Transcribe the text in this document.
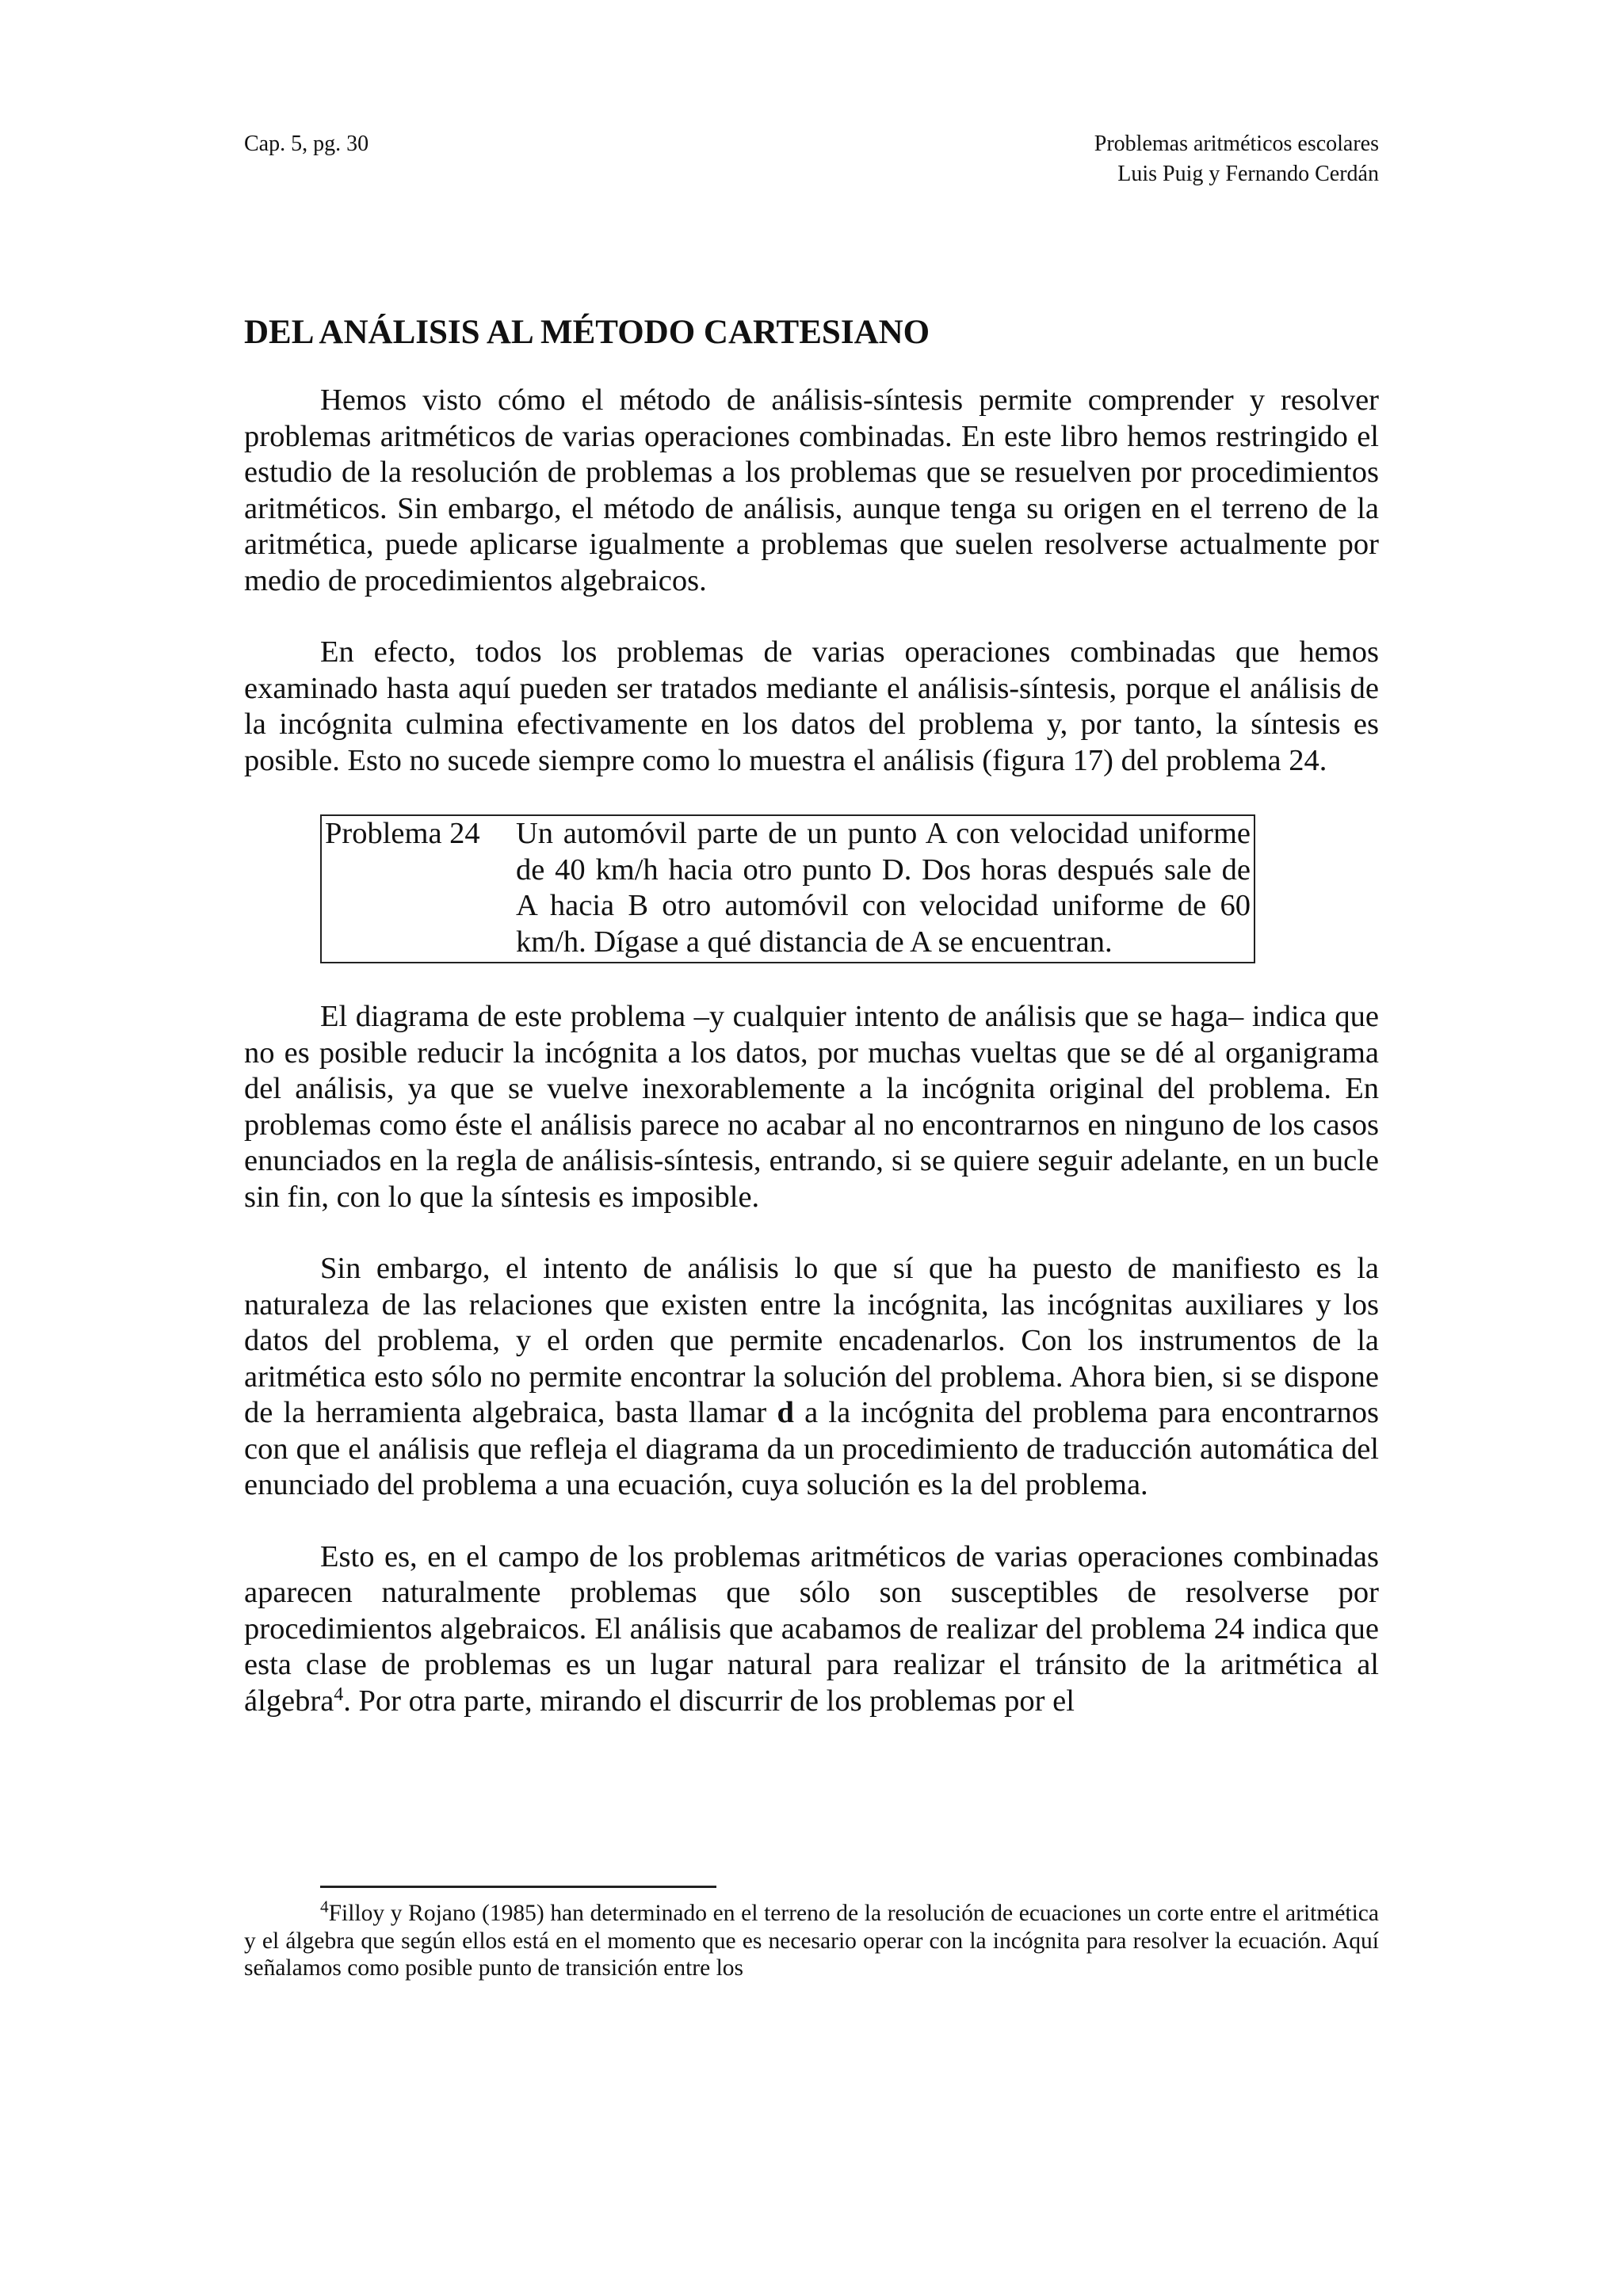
Cap. 5, pg. 30	Problemas aritméticos escolares
Luis Puig y Fernando Cerdán
DEL ANÁLISIS AL MÉTODO CARTESIANO

Hemos visto cómo el método de análisis-síntesis permite comprender y resolver problemas aritméticos de varias operaciones combinadas. En este libro hemos restringido el estudio de la resolución de problemas a los problemas que se resuelven por procedimientos aritméticos. Sin embargo, el método de análisis, aunque tenga su origen en el terreno de la aritmética, puede aplicarse igualmente a problemas que suelen resolverse actualmente por medio de procedimientos algebraicos.

En efecto, todos los problemas de varias operaciones combinadas que hemos examinado hasta aquí pueden ser tratados mediante el análisis-síntesis, porque el análisis de la incógnita culmina efectivamente en los datos del problema y, por tanto, la síntesis es posible. Esto no sucede siempre como lo muestra el análisis (figura 17) del problema 24.

Problema 24	Un automóvil parte de un punto A con velocidad uniforme de 40 km/h hacia otro punto D. Dos horas después sale de A hacia B otro automóvil con velocidad uniforme de 60 km/h. Dígase a qué distancia de A se encuentran.

El diagrama de este problema –y cualquier intento de análisis que se haga– indica que no es posible reducir la incógnita a los datos, por muchas vueltas que se dé al organigrama del análisis, ya que se vuelve inexorablemente a la incógnita original del problema. En problemas como éste el análisis parece no acabar al no encontrarnos en ninguno de los casos enunciados en la regla de análisis-síntesis, entrando, si se quiere seguir adelante, en un bucle sin fin, con lo que la síntesis es imposible.

Sin embargo, el intento de análisis lo que sí que ha puesto de manifiesto es la naturaleza de las relaciones que existen entre la incógnita, las incógnitas auxiliares y los datos del problema, y el orden que permite encadenarlos. Con los instrumentos de la aritmética esto sólo no permite encontrar la solución del problema. Ahora bien, si se dispone de la herramienta algebraica, basta llamar d a la incógnita del problema para encontrarnos con que el análisis que refleja el diagrama da un procedimiento de traducción automática del enunciado del problema a una ecuación, cuya solución es la del problema.

Esto es, en el campo de los problemas aritméticos de varias operaciones combinadas aparecen naturalmente problemas que sólo son susceptibles de resolverse por procedimientos algebraicos. El análisis que acabamos de realizar del problema 24 indica que esta clase de problemas es un lugar natural para realizar el tránsito de la aritmética al álgebra$^4$. Por otra parte, mirando el discurrir de los problemas por el

$^4$Filloy y Rojano (1985) han determinado en el terreno de la resolución de ecuaciones un corte entre el aritmética y el álgebra que según ellos está en el momento que es necesario operar con la incógnita para resolver la ecuación. Aquí señalamos como posible punto de transición entre los
